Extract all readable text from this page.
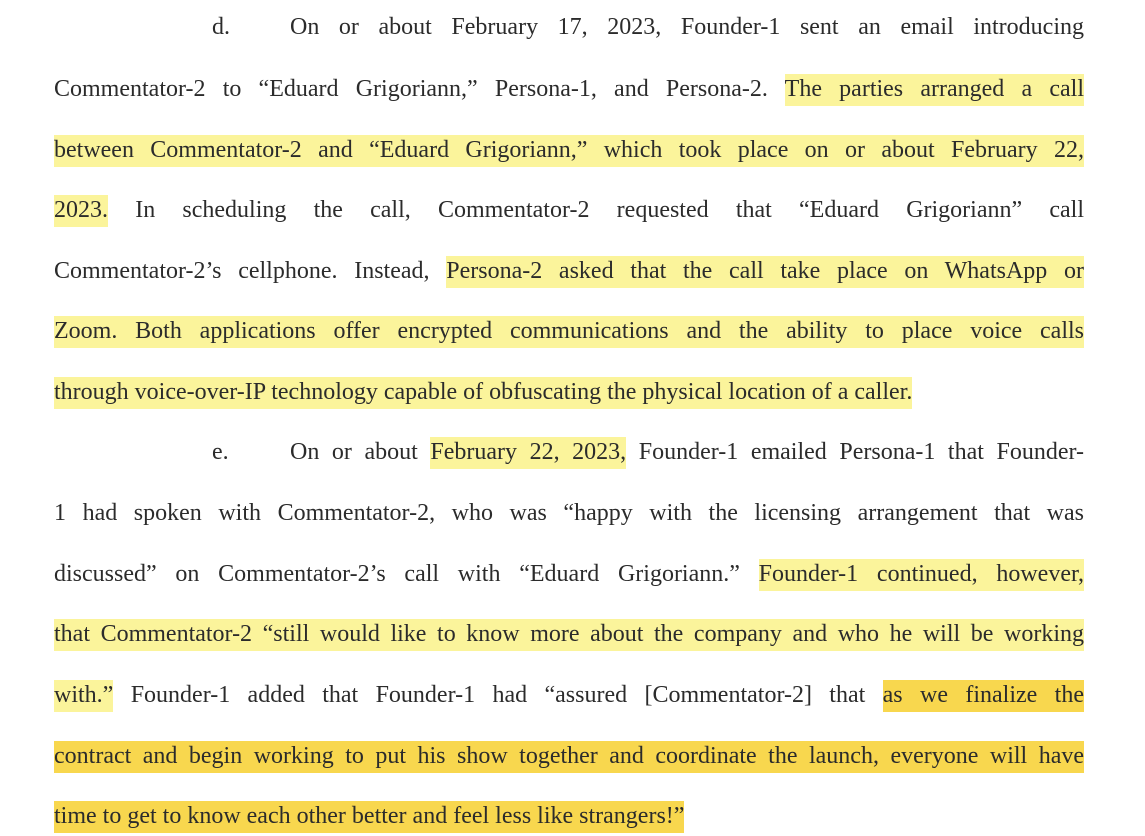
d.	On or about February 17, 2023, Founder-1 sent an email introducing
Commentator-2 to “Eduard Grigoriann,” Persona-1, and Persona-2. The parties arranged a call
between Commentator-2 and “Eduard Grigoriann,” which took place on or about February 22,
2023. In scheduling the call, Commentator-2 requested that “Eduard Grigoriann” call
Commentator-2’s cellphone. Instead, Persona-2 asked that the call take place on WhatsApp or
Zoom. Both applications offer encrypted communications and the ability to place voice calls
through voice-over-IP technology capable of obfuscating the physical location of a caller.
e.	On or about February 22, 2023, Founder-1 emailed Persona-1 that Founder-
1 had spoken with Commentator-2, who was “happy with the licensing arrangement that was
discussed” on Commentator-2’s call with “Eduard Grigoriann.” Founder-1 continued, however,
that Commentator-2 “still would like to know more about the company and who he will be working
with.” Founder-1 added that Founder-1 had “assured [Commentator-2] that as we finalize the
contract and begin working to put his show together and coordinate the launch, everyone will have
time to get to know each other better and feel less like strangers!”
